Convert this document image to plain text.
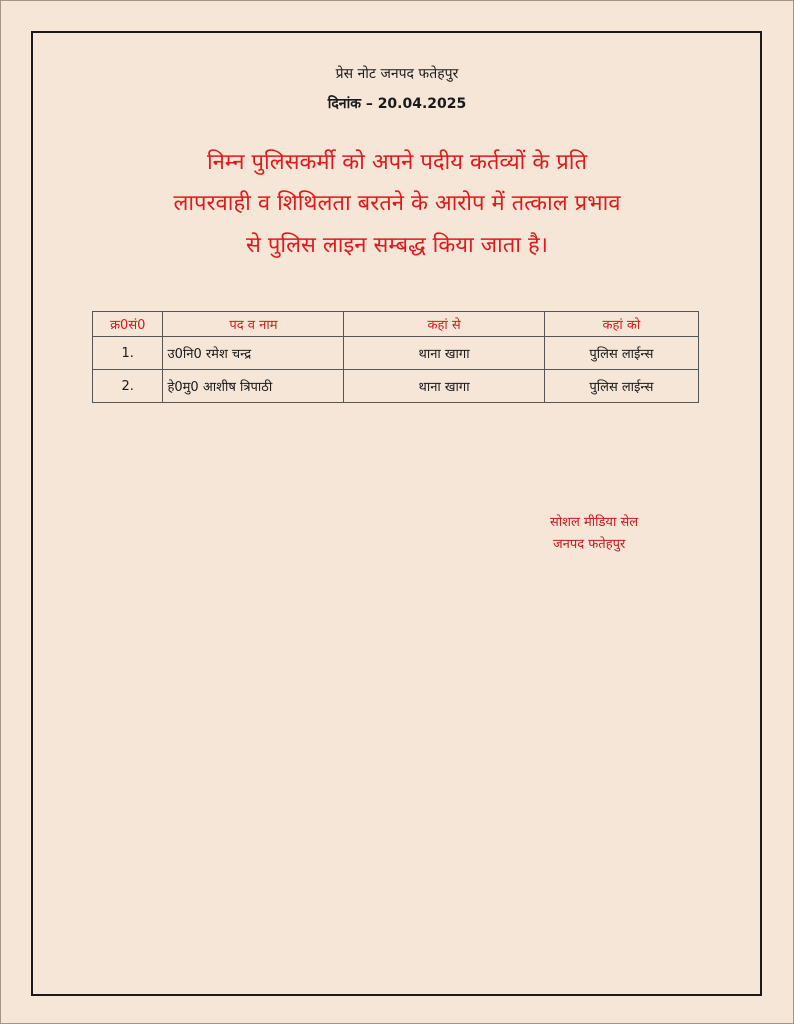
प्रेस नोट जनपद फतेहपुर
दिनांक – 20.04.2025
निम्न पुलिसकर्मी को अपने पदीय कर्तव्यों के प्रति
लापरवाही व शिथिलता बरतने के आरोप में तत्काल प्रभाव
से पुलिस लाइन सम्बद्ध किया जाता है।
क्र0सं0	पद व नाम	कहां से	कहां को
1.	उ0नि0 रमेश चन्द्र	थाना खागा	पुलिस लाईन्स
2.	हे0मु0 आशीष त्रिपाठी	थाना खागा	पुलिस लाईन्स
सोशल मीडिया सेल
जनपद फतेहपुर
